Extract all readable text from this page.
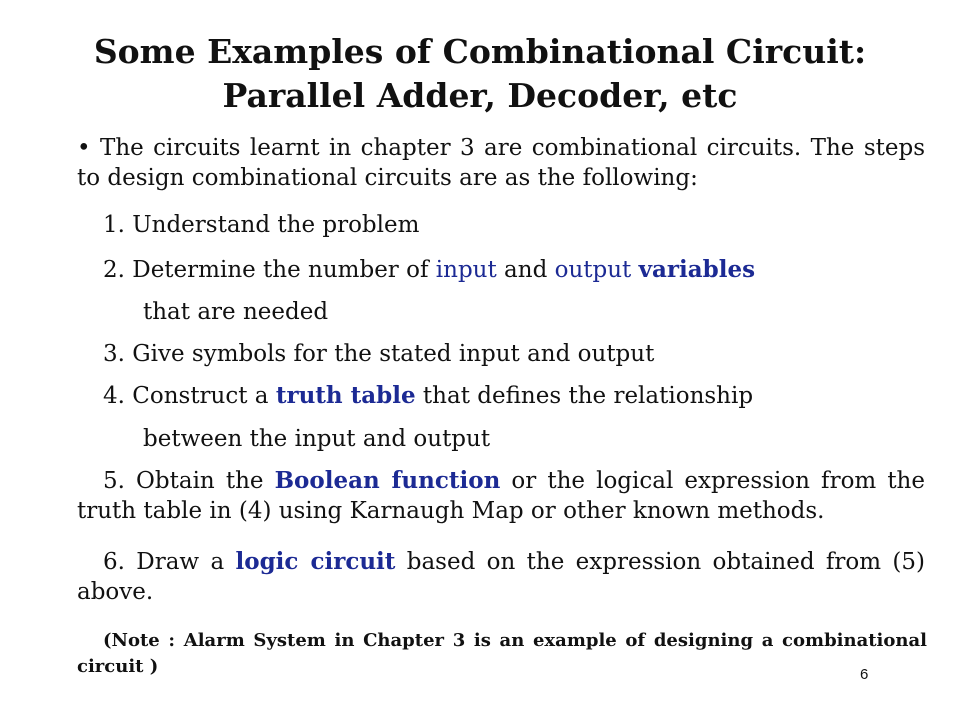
Some Examples of Combinational Circuit:
Parallel Adder, Decoder, etc

• The circuits learnt in chapter 3 are combinational circuits. The steps to design combinational circuits are as the following:

1. Understand the problem

2. Determine the number of input and output variables

that are needed

3. Give symbols for the stated input and output

4. Construct a truth table that defines the relationship

between the input and output

5. Obtain the Boolean function or the logical expression from the truth table in (4) using Karnaugh Map or other known methods.

6. Draw a logic circuit based on the expression obtained from (5) above.

(Note : Alarm System in Chapter 3 is an example of designing a combinational circuit )	6
